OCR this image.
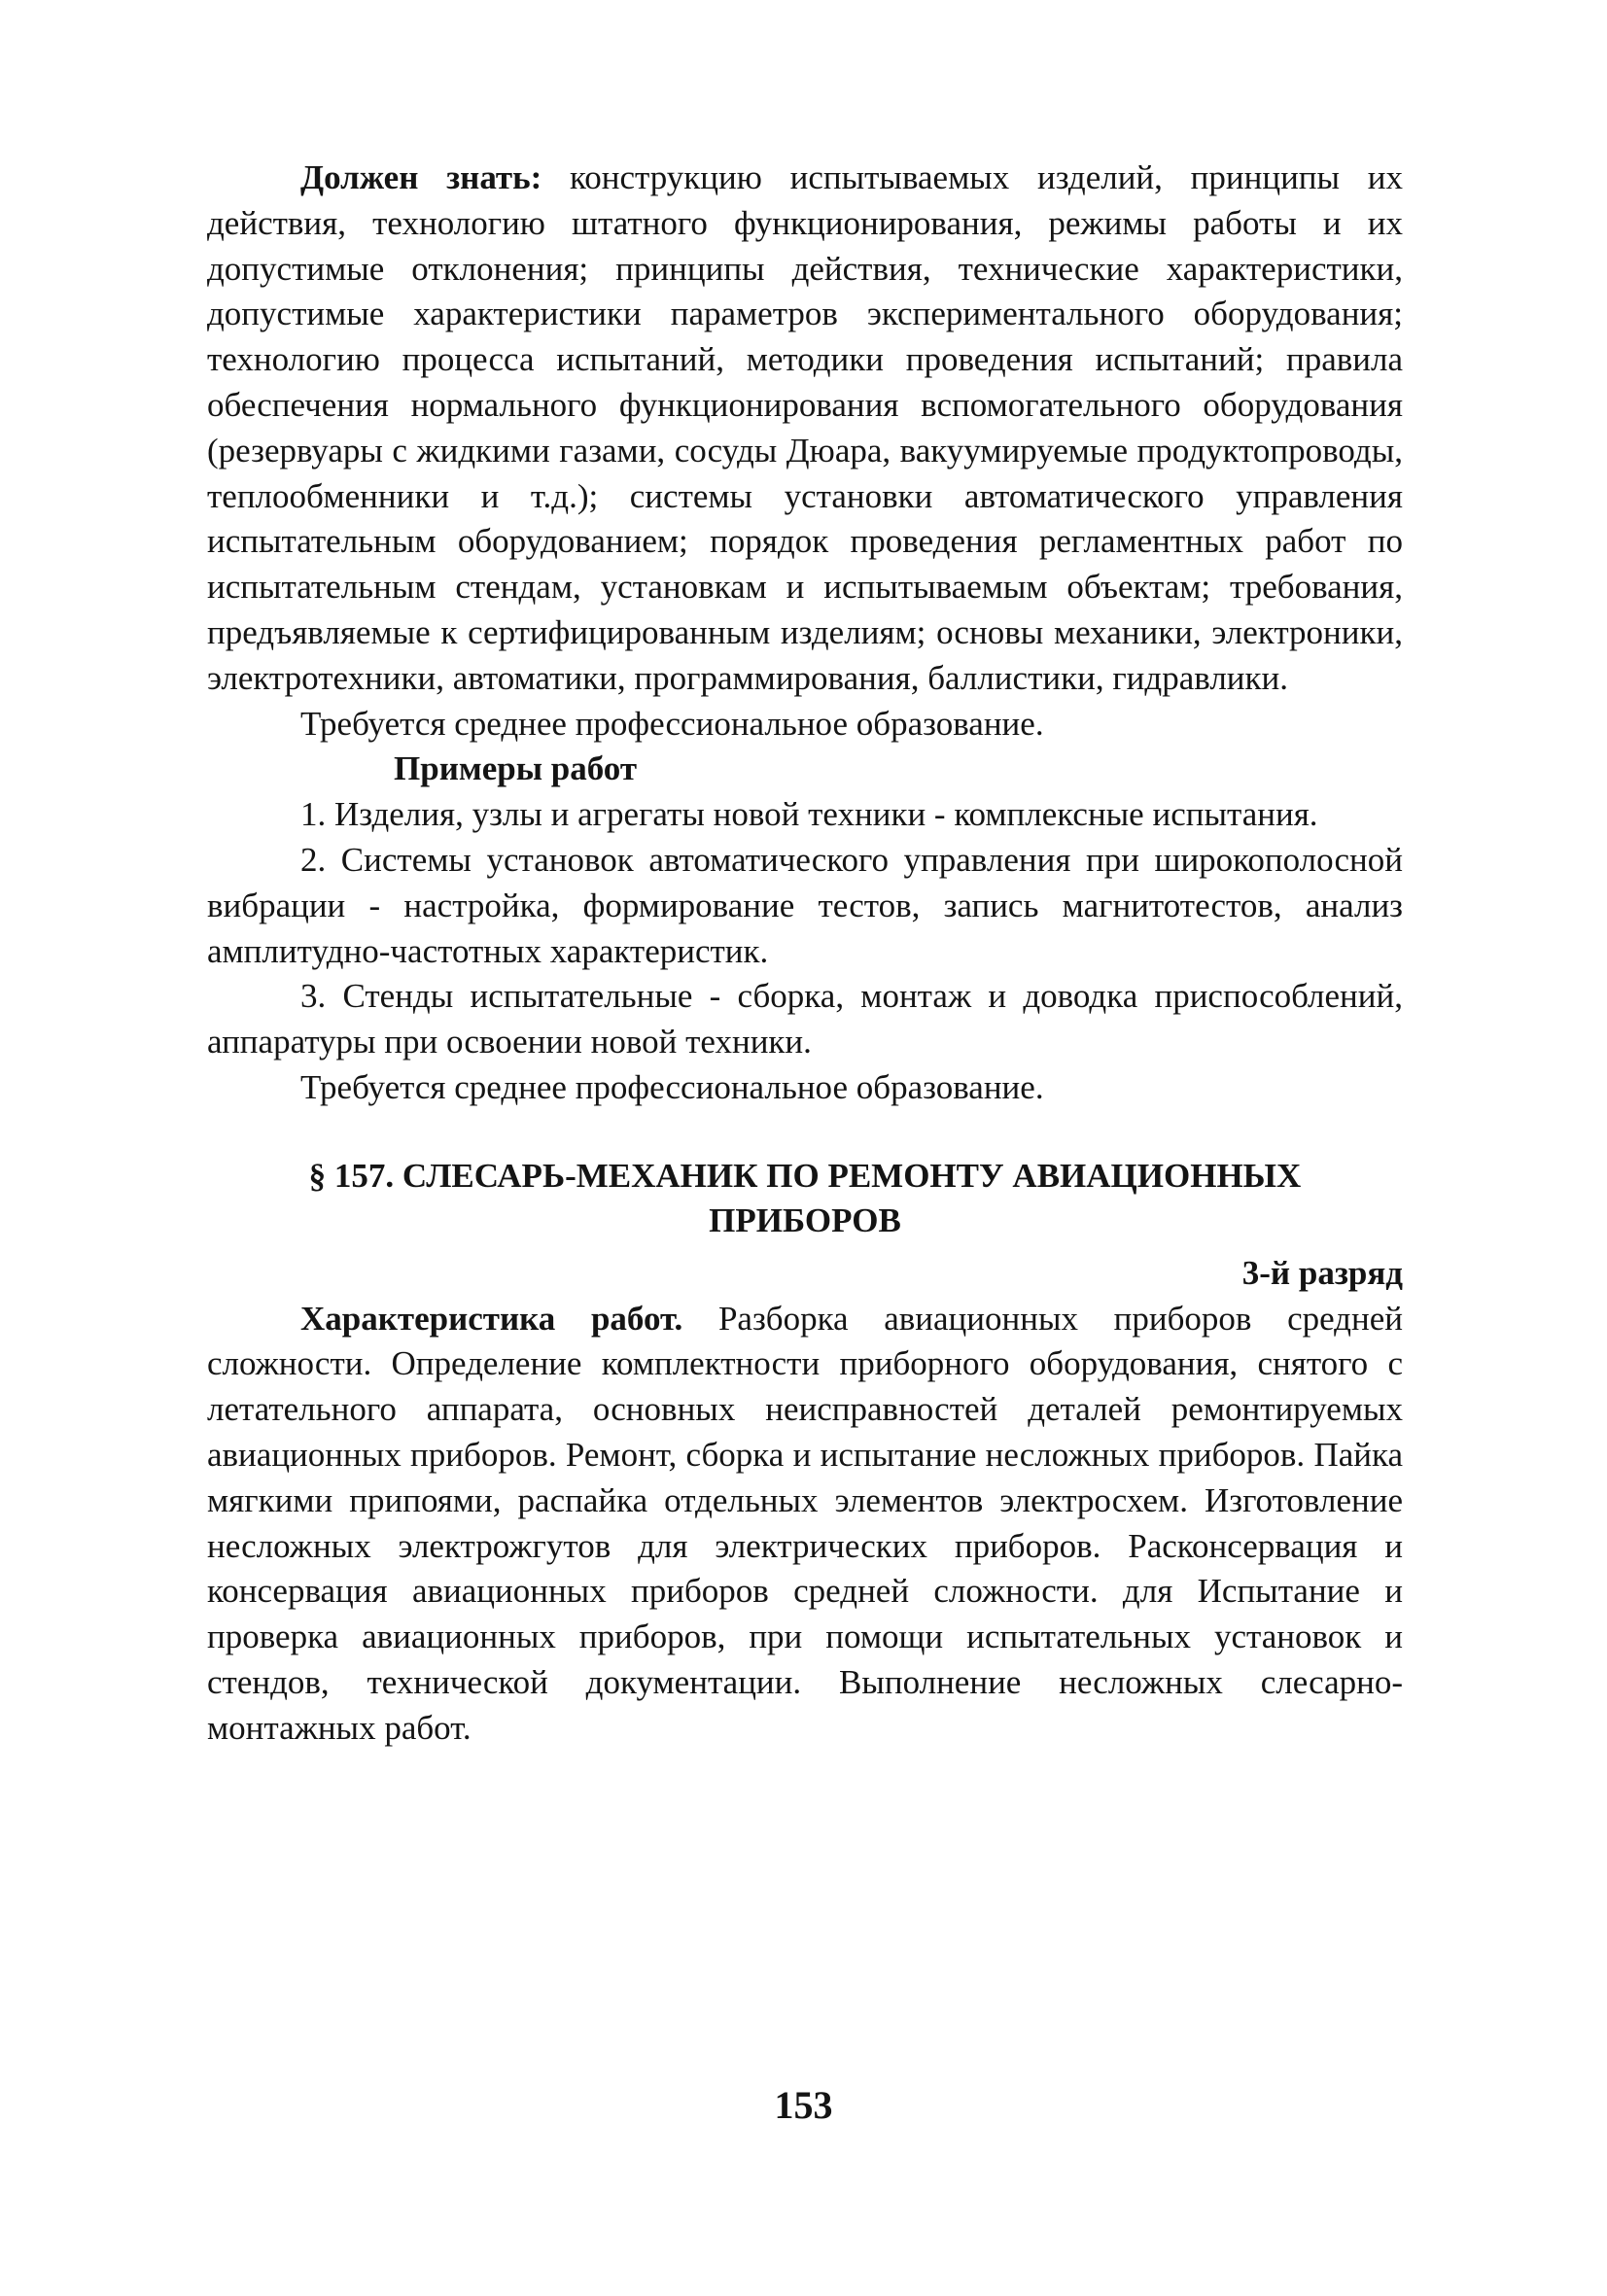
Должен знать: конструкцию испытываемых изделий, принципы их действия, технологию штатного функционирования, режимы работы и их допустимые отклонения; принципы действия, технические характеристики, допустимые характеристики параметров экспериментального оборудования; технологию процесса испытаний, методики проведения испытаний; правила обеспечения нормального функционирования вспомогательного оборудования (резервуары с жидкими газами, сосуды Дюара, вакуумируемые продуктопроводы, теплообменники и т.д.); системы установки автоматического управления испытательным оборудованием; порядок проведения регламентных работ по испытательным стендам, установкам и испытываемым объектам; требования, предъявляемые к сертифицированным изделиям; основы механики, электроники, электротехники, автоматики, программирования, баллистики, гидравлики.

Требуется среднее профессиональное образование.

Примеры работ

1. Изделия, узлы и агрегаты новой техники - комплексные испытания.

2. Системы установок автоматического управления при широкополосной вибрации - настройка, формирование тестов, запись магнитотестов, анализ амплитудно-частотных характеристик.

3. Стенды испытательные - сборка, монтаж и доводка приспособлений, аппаратуры при освоении новой техники.

Требуется среднее профессиональное образование.

§ 157. СЛЕСАРЬ-МЕХАНИК ПО РЕМОНТУ АВИАЦИОННЫХ
ПРИБОРОВ
3-й разряд

Характеристика работ. Разборка авиационных приборов средней сложности. Определение комплектности приборного оборудования, снятого с летательного аппарата, основных неисправностей деталей ремонтируемых авиационных приборов. Ремонт, сборка и испытание несложных приборов. Пайка мягкими припоями, распайка отдельных элементов электросхем. Изготовление несложных электрожгутов для электрических приборов. Расконсервация и консервация авиационных приборов средней сложности. для Испытание и проверка авиационных приборов, при помощи испытательных установок и стендов, технической документации. Выполнение несложных слесарно-монтажных работ.

153
